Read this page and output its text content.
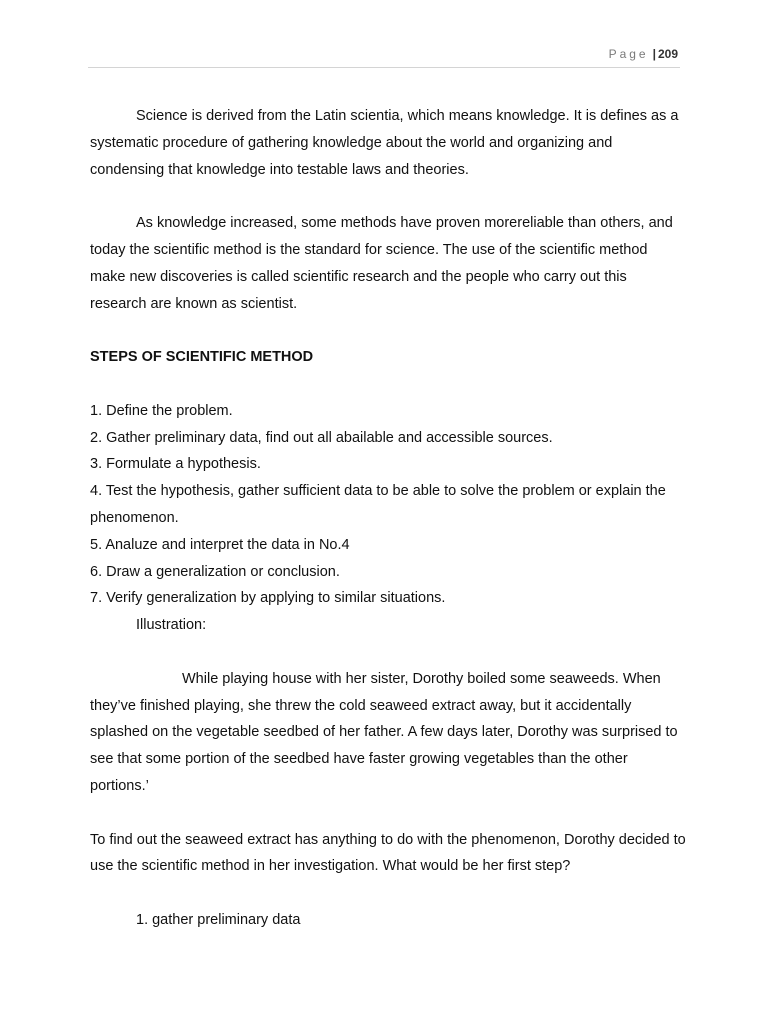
Page | 209

Science is derived from the Latin scientia, which means knowledge. It is defines as a systematic procedure of gathering knowledge about the world and organizing and condensing that knowledge into testable laws and theories.

As knowledge increased, some methods have proven morereliable than others, and today the scientific method is the standard for science. The use of the scientific method make new discoveries is called scientific research and the people who carry out this research are known as scientist.

STEPS OF SCIENTIFIC METHOD

1. Define the problem.
2. Gather preliminary data, find out all abailable and accessible sources.
3. Formulate a hypothesis.
4. Test the hypothesis, gather sufficient data to be able to solve the problem or explain the phenomenon.
5. Analuze and interpret the data in No.4
6. Draw a generalization or conclusion.
7. Verify generalization by applying to similar situations.

Illustration:

While playing house with her sister, Dorothy boiled some seaweeds. When they’ve finished playing, she threw the cold seaweed extract away, but it accidentally splashed on the vegetable seedbed of her father. A few days later, Dorothy was surprised to see that some portion of the seedbed have faster growing vegetables than the other portions.’

To find out the seaweed extract has anything to do with the phenomenon, Dorothy decided to use the scientific method in her investigation. What would be her first step?

1. gather preliminary data
